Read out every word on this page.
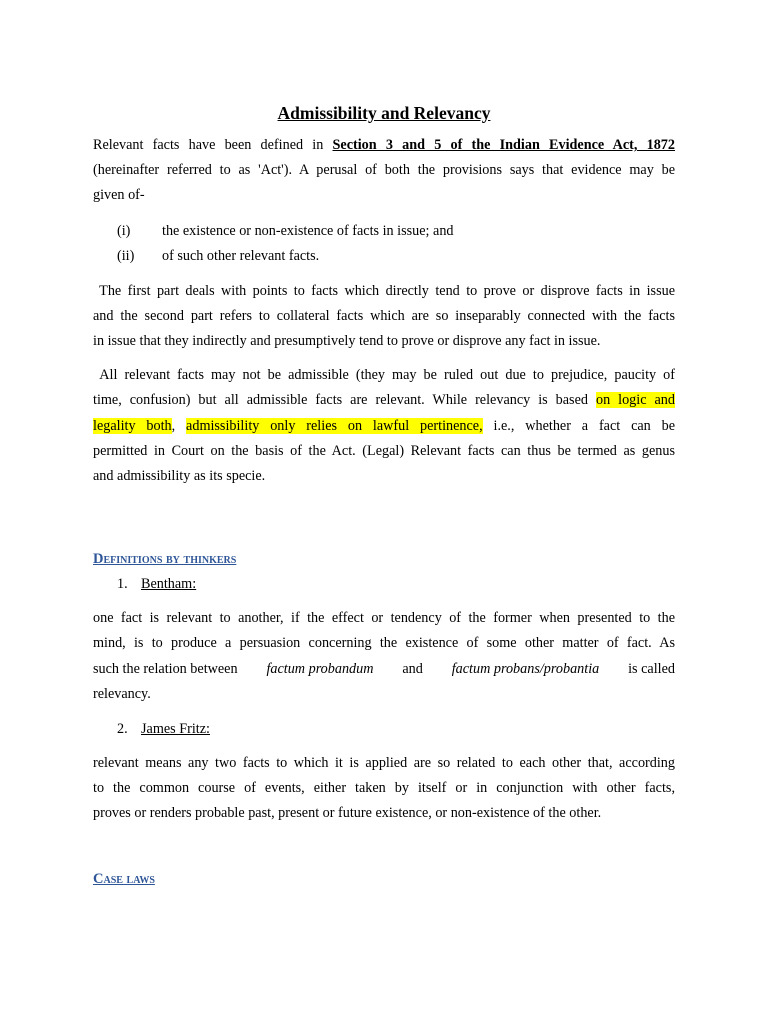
Admissibility and Relevancy

Relevant facts have been defined in Section 3 and 5 of the Indian Evidence Act, 1872
(hereinafter referred to as 'Act'). A perusal of both the provisions says that evidence may be
given of-

(i)	the existence or non-existence of facts in issue; and
(ii)	of such other relevant facts.

The first part deals with points to facts which directly tend to prove or disprove facts in issue
and the second part refers to collateral facts which are so inseparably connected with the facts
in issue that they indirectly and presumptively tend to prove or disprove any fact in issue.

All relevant facts may not be admissible (they may be ruled out due to prejudice, paucity of
time, confusion) but all admissible facts are relevant. While relevancy is based on logic and
legality both, admissibility only relies on lawful pertinence, i.e., whether a fact can be
permitted in Court on the basis of the Act. (Legal) Relevant facts can thus be termed as genus
and admissibility as its specie.

Definitions by thinkers
1. Bentham:

one fact is relevant to another, if the effect or tendency of the former when presented to the
mind, is to produce a persuasion concerning the existence of some other matter of fact. As
such the relation between factum probandum and factum probans/probantia is called
relevancy.

2. James Fritz:

relevant means any two facts to which it is applied are so related to each other that, according
to the common course of events, either taken by itself or in conjunction with other facts,
proves or renders probable past, present or future existence, or non-existence of the other.

Case laws
